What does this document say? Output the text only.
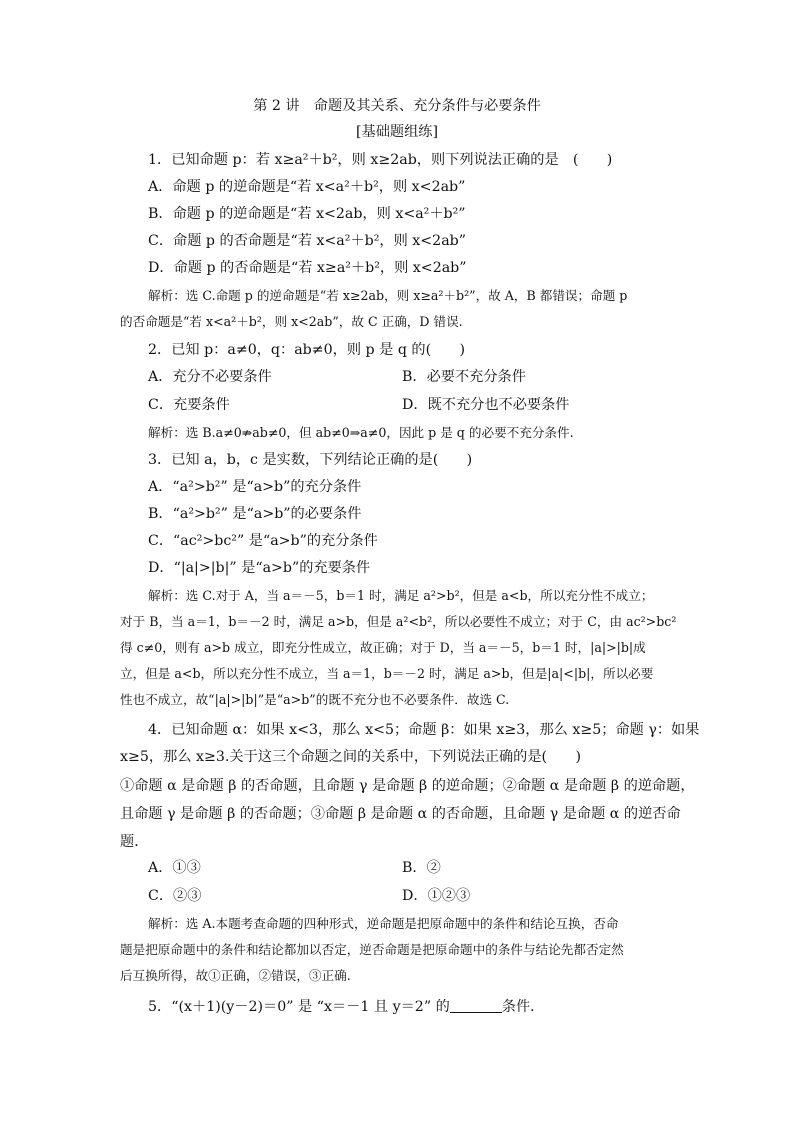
第 2 讲　命题及其关系、充分条件与必要条件
[基础题组练]
1．已知命题 p：若 x≥a²＋b²，则 x≥2ab，则下列说法正确的是　(　　)
A．命题 p 的逆命题是“若 x<a²＋b²，则 x<2ab”
B．命题 p 的逆命题是“若 x<2ab，则 x<a²＋b²”
C．命题 p 的否命题是“若 x<a²＋b²，则 x<2ab”
D．命题 p 的否命题是“若 x≥a²＋b²，则 x<2ab”
解析：选 C.命题 p 的逆命题是“若 x≥2ab，则 x≥a²＋b²”，故 A，B 都错误；命题 p
的否命题是“若 x<a²＋b²，则 x<2ab”，故 C 正确，D 错误.
2．已知 p：a≠0，q：ab≠0，则 p 是 q 的(　　)
A．充分不必要条件	B．必要不充分条件
C．充要条件	D．既不充分也不必要条件
解析：选 B.a≠0⇏ab≠0，但 ab≠0⇒a≠0，因此 p 是 q 的必要不充分条件.
3．已知 a，b，c 是实数，下列结论正确的是(　　)
A．“a²>b²” 是“a>b”的充分条件
B．“a²>b²” 是“a>b”的必要条件
C．“ac²>bc²” 是“a>b”的充分条件
D．“|a|>|b|” 是“a>b”的充要条件
解析：选 C.对于 A，当 a＝－5，b＝1 时，满足 a²>b²，但是 a<b，所以充分性不成立；
对于 B，当 a＝1，b＝－2 时，满足 a>b，但是 a²<b²，所以必要性不成立；对于 C，由 ac²>bc²
得 c≠0，则有 a>b 成立，即充分性成立，故正确；对于 D，当 a＝－5，b＝1 时，|a|>|b|成
立，但是 a<b，所以充分性不成立，当 a＝1，b＝－2 时，满足 a>b，但是|a|<|b|，所以必要
性也不成立，故“|a|>|b|”是“a>b”的既不充分也不必要条件．故选 C.
4．已知命题 α：如果 x<3，那么 x<5；命题 β：如果 x≥3，那么 x≥5；命题 γ：如果
x≥5，那么 x≥3.关于这三个命题之间的关系中，下列说法正确的是(　　)
①命题 α 是命题 β 的否命题，且命题 γ 是命题 β 的逆命题；②命题 α 是命题 β 的逆命题，
且命题 γ 是命题 β 的否命题；③命题 β 是命题 α 的否命题，且命题 γ 是命题 α 的逆否命
题．
A．①③	B．②
C．②③	D．①②③
解析：选 A.本题考查命题的四种形式，逆命题是把原命题中的条件和结论互换，否命
题是把原命题中的条件和结论都加以否定，逆否命题是把原命题中的条件与结论先都否定然
后互换所得，故①正确，②错误，③正确.
5．“(x＋1)(y－2)＝0” 是 “x＝－1 且 y＝2” 的	条件．
